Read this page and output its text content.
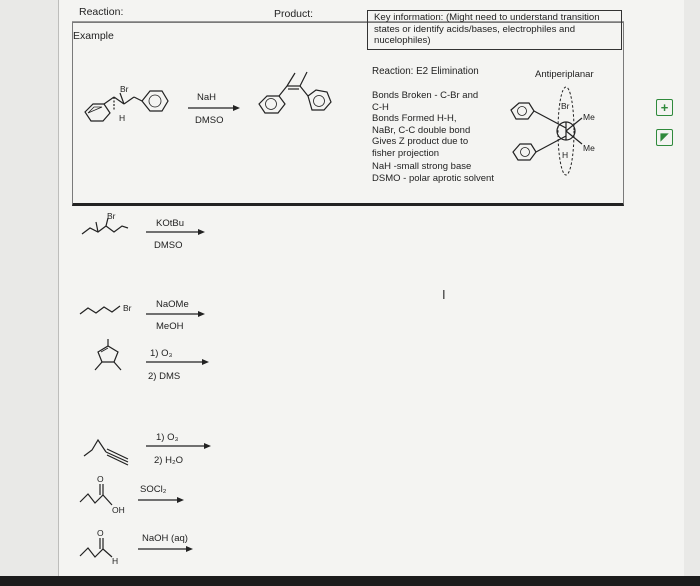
Reaction:	Product:
Example
Key information: (Might need to understand transition states or identify acids/bases, electrophiles and nucelophiles)
Reaction: E2 Elimination	Antiperiplanar
Bonds Broken - C-Br and
C-H
Bonds Formed H-H,
NaBr, C-C double bond
Gives Z product due to
fisher projection
NaH -small strong base
DSMO - polar aprotic solvent
Br
H
NaH
DMSO
Br
H
Me
Me
Br
KOtBu
DMSO
Br	NaOMe
MeOH
1) O₃
2) DMS
1) O₃
2) H₂O
O
OH
SOCl₂
O
H
NaOH (aq)
+
◤
I
